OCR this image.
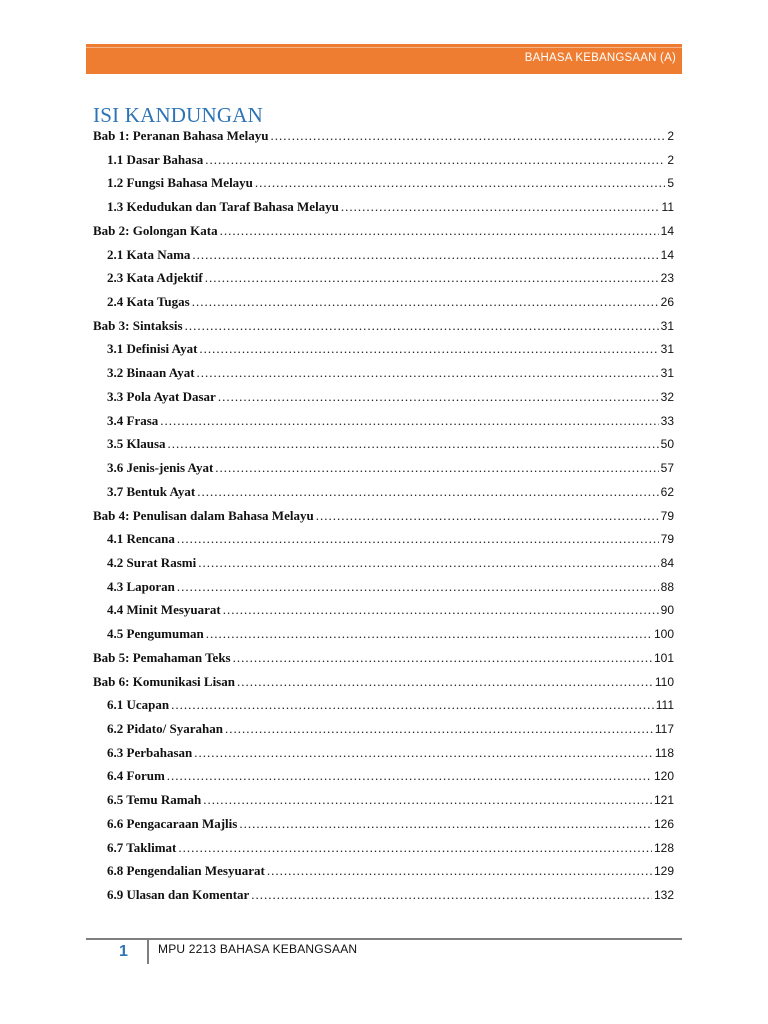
BAHASA KEBANGSAAN (A)
ISI KANDUNGAN
Bab 1: Peranan Bahasa Melayu .....	2
1.1 Dasar Bahasa .....	2
1.2 Fungsi Bahasa Melayu .....	5
1.3 Kedudukan dan Taraf Bahasa Melayu .....	11
Bab 2: Golongan Kata .....	14
2.1 Kata Nama .....	14
2.3 Kata Adjektif .....	23
2.4 Kata Tugas .....	26
Bab 3: Sintaksis .....	31
3.1 Definisi Ayat .....	31
3.2 Binaan Ayat .....	31
3.3 Pola Ayat Dasar .....	32
3.4 Frasa .....	33
3.5 Klausa .....	50
3.6 Jenis-jenis Ayat .....	57
3.7 Bentuk Ayat .....	62
Bab 4: Penulisan dalam Bahasa Melayu .....	79
4.1 Rencana .....	79
4.2 Surat Rasmi .....	84
4.3 Laporan .....	88
4.4 Minit Mesyuarat .....	90
4.5 Pengumuman .....	100
Bab 5: Pemahaman Teks .....	101
Bab 6: Komunikasi Lisan .....	110
6.1 Ucapan .....	111
6.2 Pidato/ Syarahan .....	117
6.3 Perbahasan .....	118
6.4 Forum .....	120
6.5 Temu Ramah .....	121
6.6 Pengacaraan Majlis .....	126
6.7 Taklimat .....	128
6.8 Pengendalian Mesyuarat .....	129
6.9 Ulasan dan Komentar .....	132
1	MPU 2213 BAHASA KEBANGSAAN
